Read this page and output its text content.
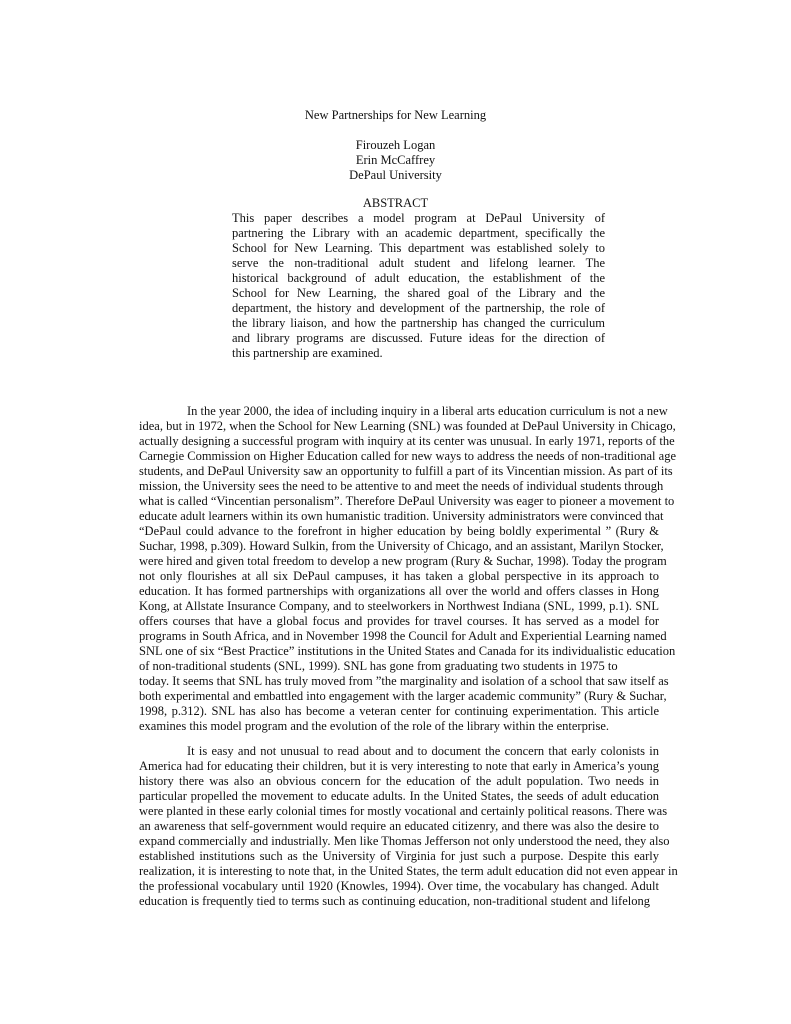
New Partnerships for New Learning
Firouzeh Logan
Erin McCaffrey
DePaul University
ABSTRACT
This paper describes a model program at DePaul University of
partnering the Library with an academic department, specifically the
School for New Learning. This department was established solely to
serve the non-traditional adult student and lifelong learner. The
historical background of adult education, the establishment of the
School for New Learning, the shared goal of the Library and the
department, the history and development of the partnership, the role of
the library liaison, and how the partnership has changed the curriculum
and library programs are discussed. Future ideas for the direction of
this partnership are examined.
In the year 2000, the idea of including inquiry in a liberal arts education curriculum is not a new
idea, but in 1972, when the School for New Learning (SNL) was founded at DePaul University in Chicago,
actually designing a successful program with inquiry at its center was unusual. In early 1971, reports of the
Carnegie Commission on Higher Education called for new ways to address the needs of non-traditional age
students, and DePaul University saw an opportunity to fulfill a part of its Vincentian mission. As part of its
mission, the University sees the need to be attentive to and meet the needs of individual students through
what is called “Vincentian personalism”. Therefore DePaul University was eager to pioneer a movement to
educate adult learners within its own humanistic tradition. University administrators were convinced that
“DePaul could advance to the forefront in higher education by being boldly experimental ” (Rury &
Suchar, 1998, p.309). Howard Sulkin, from the University of Chicago, and an assistant, Marilyn Stocker,
were hired and given total freedom to develop a new program (Rury & Suchar, 1998). Today the program
not only flourishes at all six DePaul campuses, it has taken a global perspective in its approach to
education. It has formed partnerships with organizations all over the world and offers classes in Hong
Kong, at Allstate Insurance Company, and to steelworkers in Northwest Indiana (SNL, 1999, p.1). SNL
offers courses that have a global focus and provides for travel courses. It has served as a model for
programs in South Africa, and in November 1998 the Council for Adult and Experiential Learning named
SNL one of six “Best Practice” institutions in the United States and Canada for its individualistic education
of non-traditional students (SNL, 1999). SNL has gone from graduating two students in 1975 to
today. It seems that SNL has truly moved from ”the marginality and isolation of a school that saw itself as
both experimental and embattled into engagement with the larger academic community” (Rury & Suchar,
1998, p.312). SNL has also has become a veteran center for continuing experimentation. This article
examines this model program and the evolution of the role of the library within the enterprise.
It is easy and not unusual to read about and to document the concern that early colonists in
America had for educating their children, but it is very interesting to note that early in America’s young
history there was also an obvious concern for the education of the adult population. Two needs in
particular propelled the movement to educate adults. In the United States, the seeds of adult education
were planted in these early colonial times for mostly vocational and certainly political reasons. There was
an awareness that self-government would require an educated citizenry, and there was also the desire to
expand commercially and industrially. Men like Thomas Jefferson not only understood the need, they also
established institutions such as the University of Virginia for just such a purpose. Despite this early
realization, it is interesting to note that, in the United States, the term adult education did not even appear in
the professional vocabulary until 1920 (Knowles, 1994). Over time, the vocabulary has changed. Adult
education is frequently tied to terms such as continuing education, non-traditional student and lifelong
